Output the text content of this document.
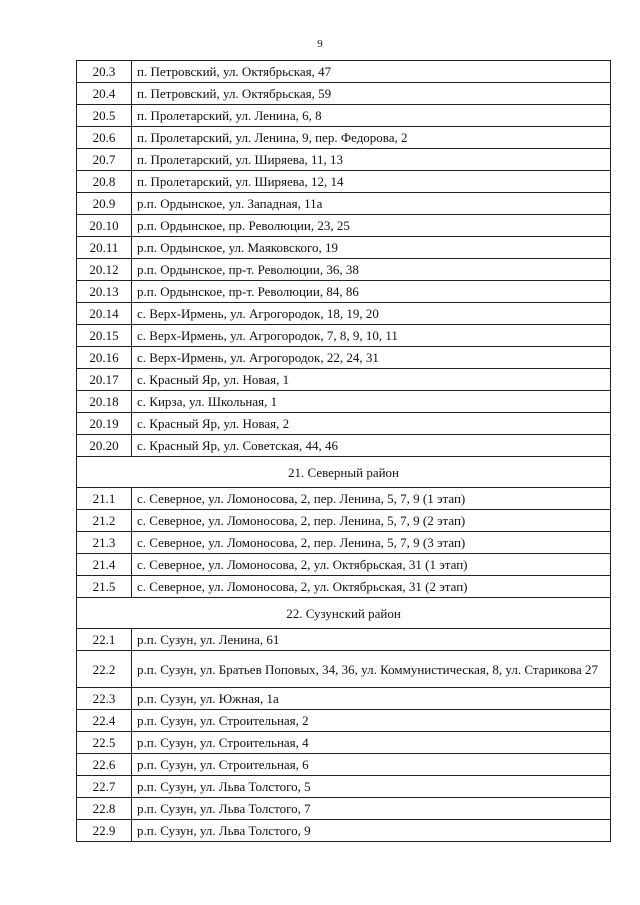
9
20.3	п. Петровский, ул. Октябрьская, 47
20.4	п. Петровский, ул. Октябрьская, 59
20.5	п. Пролетарский, ул. Ленина, 6, 8
20.6	п. Пролетарский, ул. Ленина, 9, пер. Федорова, 2
20.7	п. Пролетарский, ул. Ширяева, 11, 13
20.8	п. Пролетарский, ул. Ширяева, 12, 14
20.9	р.п. Ордынское, ул. Западная, 11а
20.10	р.п. Ордынское, пр. Революции, 23, 25
20.11	р.п. Ордынское, ул. Маяковского, 19
20.12	р.п. Ордынское, пр-т. Революции, 36, 38
20.13	р.п. Ордынское, пр-т. Революции, 84, 86
20.14	с. Верх-Ирмень, ул. Агрогородок, 18, 19, 20
20.15	с. Верх-Ирмень, ул. Агрогородок, 7, 8, 9, 10, 11
20.16	с. Верх-Ирмень, ул. Агрогородок, 22, 24, 31
20.17	с. Красный Яр, ул. Новая, 1
20.18	с. Кирза, ул. Школьная, 1
20.19	с. Красный Яр, ул. Новая, 2
20.20	с. Красный Яр, ул. Советская, 44, 46
21. Северный район	
21.1	с. Северное, ул. Ломоносова, 2, пер. Ленина, 5, 7, 9 (1 этап)
21.2	с. Северное, ул. Ломоносова, 2, пер. Ленина, 5, 7, 9 (2 этап)
21.3	с. Северное, ул. Ломоносова, 2, пер. Ленина, 5, 7, 9 (3 этап)
21.4	с. Северное, ул. Ломоносова, 2, ул. Октябрьская, 31 (1 этап)
21.5	с. Северное, ул. Ломоносова, 2, ул. Октябрьская, 31 (2 этап)
22. Сузунский район	
22.1	р.п. Сузун, ул. Ленина, 61
22.2	р.п. Сузун, ул. Братьев Поповых, 34, 36, ул. Коммунистическая, 8, ул. Старикова 27
22.3	р.п. Сузун, ул. Южная, 1а
22.4	р.п. Сузун, ул. Строительная, 2
22.5	р.п. Сузун, ул. Строительная, 4
22.6	р.п. Сузун, ул. Строительная, 6
22.7	р.п. Сузун, ул. Льва Толстого, 5
22.8	р.п. Сузун, ул. Льва Толстого, 7
22.9	р.п. Сузун, ул. Льва Толстого, 9
